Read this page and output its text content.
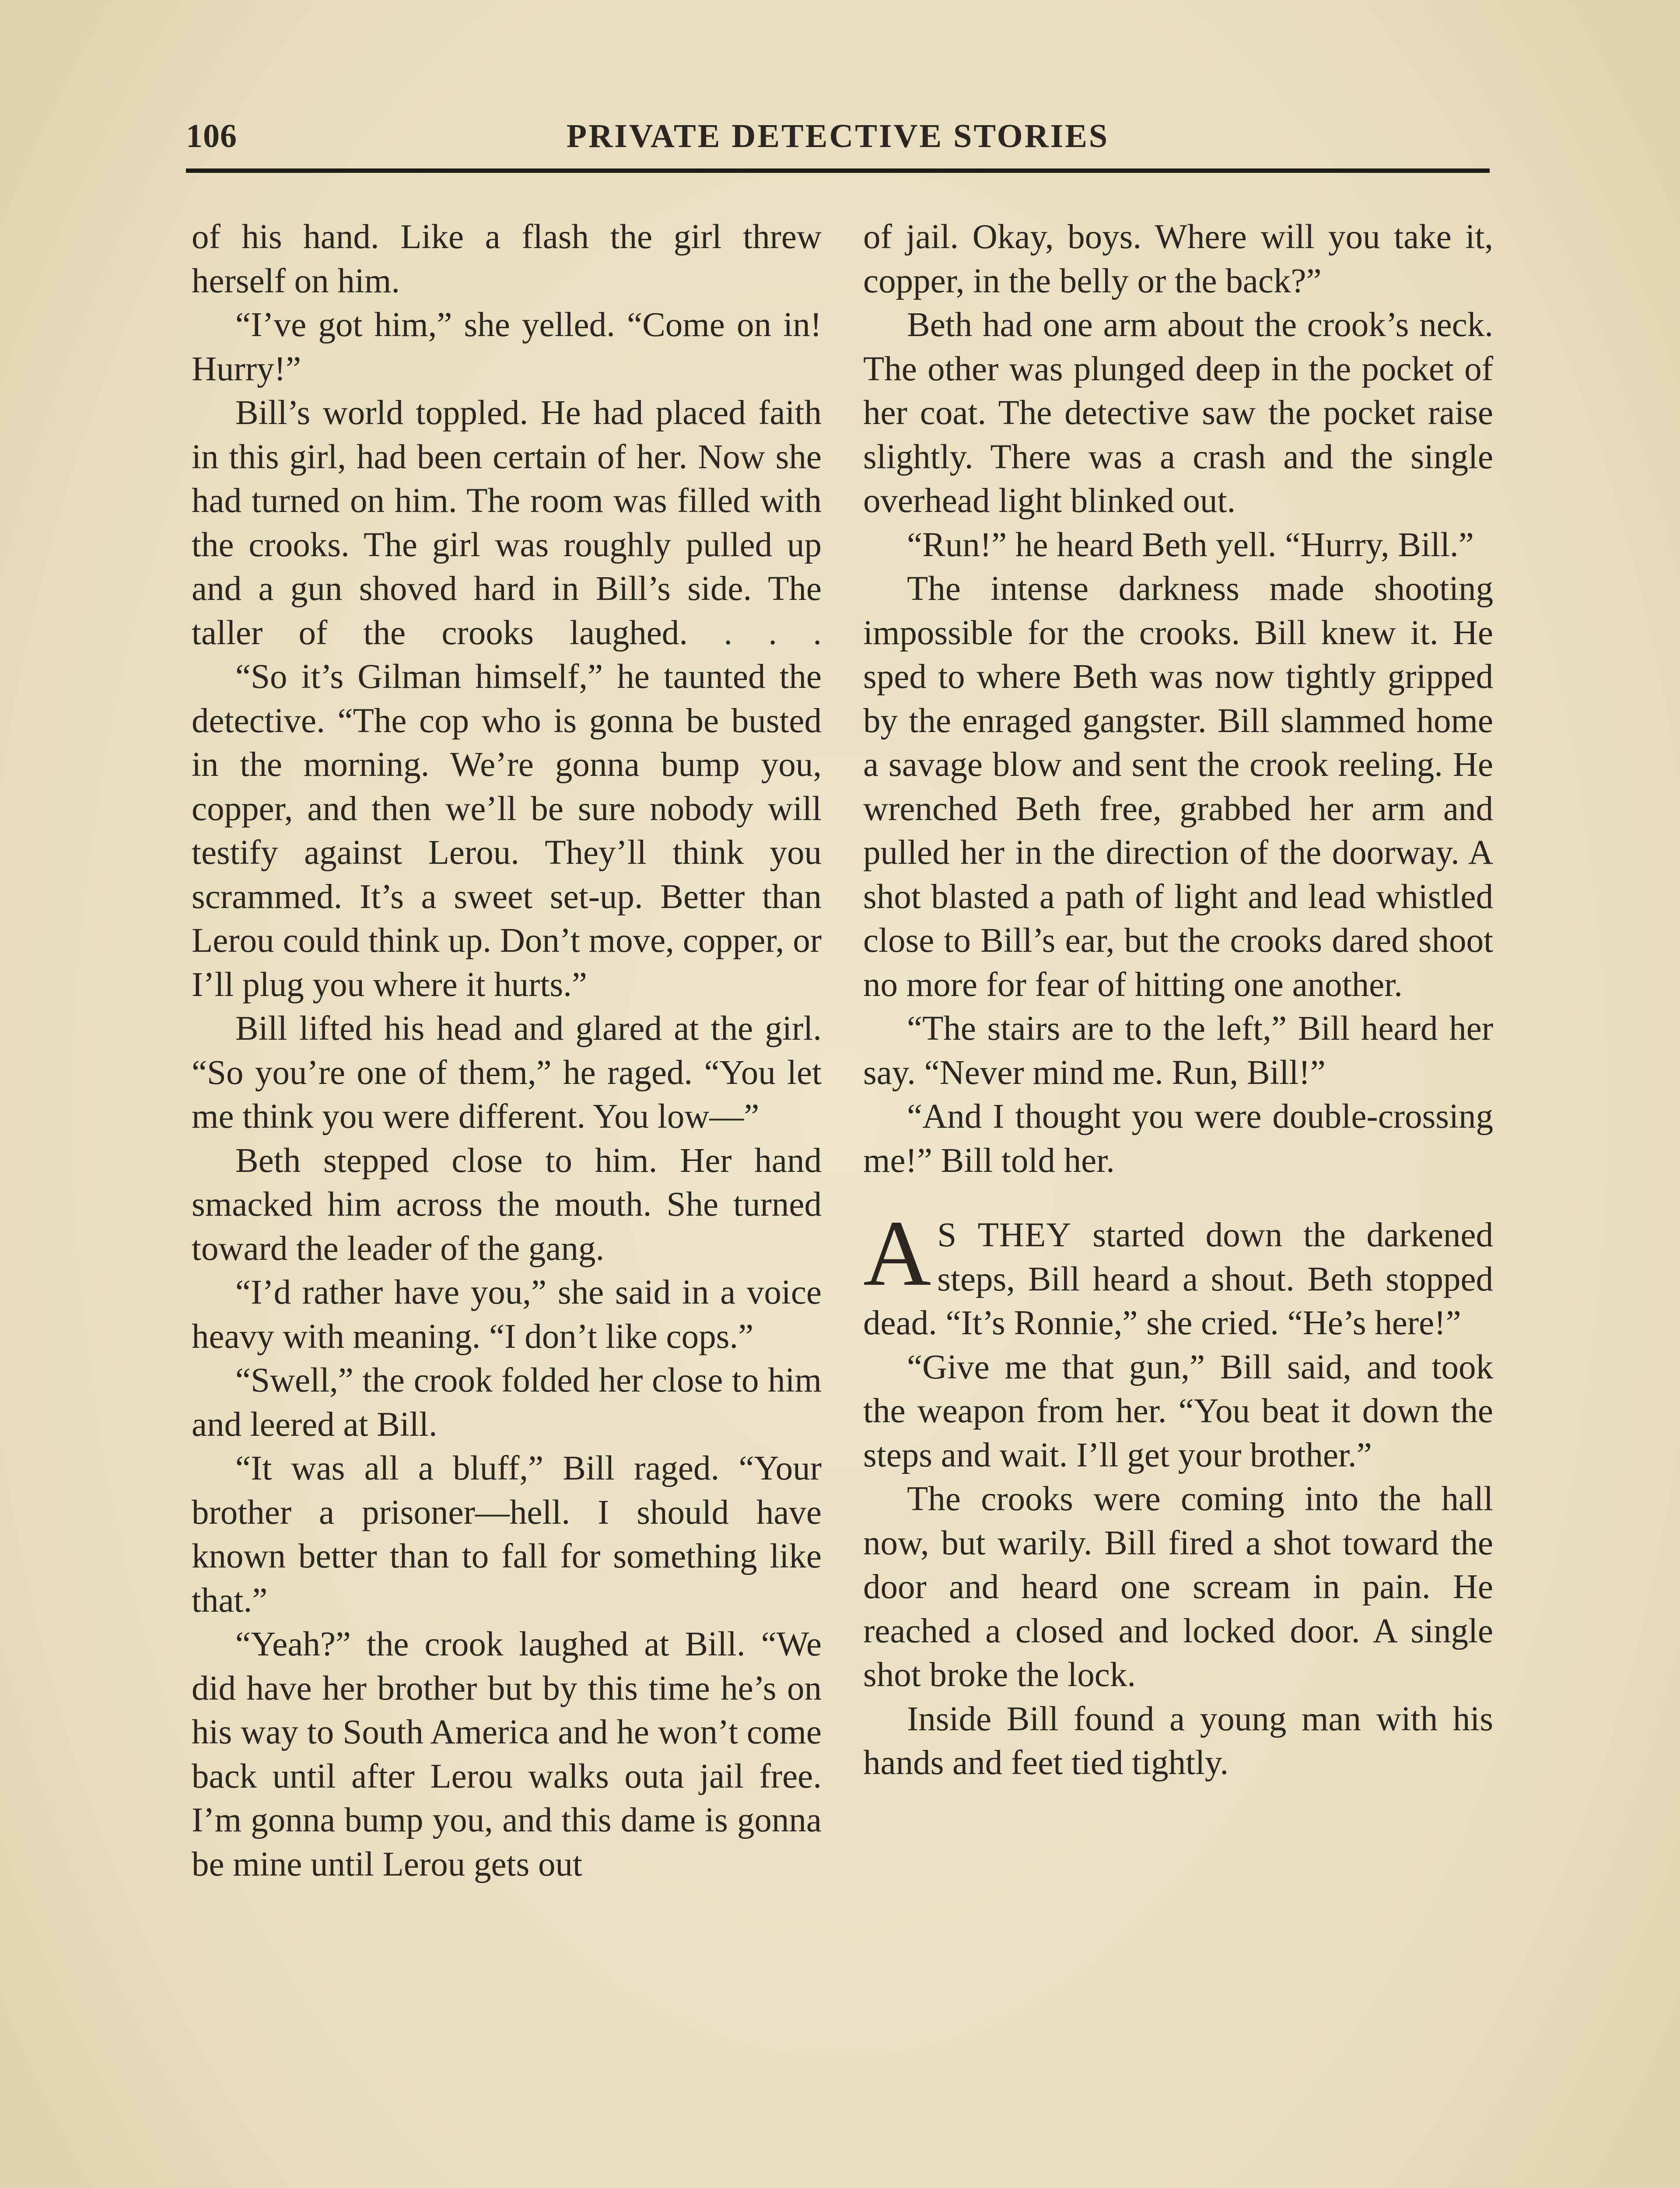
106	PRIVATE DETECTIVE STORIES

of his hand. Like a flash the girl threw herself on him.

“I’ve got him,” she yelled. “Come on in! Hurry!”

Bill’s world toppled. He had placed faith in this girl, had been certain of her. Now she had turned on him. The room was filled with the crooks. The girl was roughly pulled up and a gun shoved hard in Bill’s side. The taller of the crooks laughed. . . .

“So it’s Gilman himself,” he taunted the detective. “The cop who is gonna be busted in the morning. We’re gonna bump you, copper, and then we’ll be sure nobody will testify against Lerou. They’ll think you scrammed. It’s a sweet set-up. Better than Lerou could think up. Don’t move, copper, or I’ll plug you where it hurts.”

Bill lifted his head and glared at the girl. “So you’re one of them,” he raged. “You let me think you were different. You low—”

Beth stepped close to him. Her hand smacked him across the mouth. She turned toward the leader of the gang.

“I’d rather have you,” she said in a voice heavy with meaning. “I don’t like cops.”

“Swell,” the crook folded her close to him and leered at Bill.

“It was all a bluff,” Bill raged. “Your brother a prisoner—hell. I should have known better than to fall for something like that.”

“Yeah?” the crook laughed at Bill. “We did have her brother but by this time he’s on his way to South America and he won’t come back until after Lerou walks outa jail free. I’m gonna bump you, and this dame is gonna be mine until Lerou gets out

of jail. Okay, boys. Where will you take it, copper, in the belly or the back?”

Beth had one arm about the crook’s neck. The other was plunged deep in the pocket of her coat. The detective saw the pocket raise slightly. There was a crash and the single overhead light blinked out.

“Run!” he heard Beth yell. “Hurry, Bill.”

The intense darkness made shooting impossible for the crooks. Bill knew it. He sped to where Beth was now tightly gripped by the enraged gangster. Bill slammed home a savage blow and sent the crook reeling. He wrenched Beth free, grabbed her arm and pulled her in the direction of the doorway. A shot blasted a path of light and lead whistled close to Bill’s ear, but the crooks dared shoot no more for fear of hitting one another.

“The stairs are to the left,” Bill heard her say. “Never mind me. Run, Bill!”

“And I thought you were double-crossing me!” Bill told her.

A S THEY started down the darkened steps, Bill heard a shout. Beth stopped dead. “It’s Ronnie,” she cried. “He’s here!”

“Give me that gun,” Bill said, and took the weapon from her. “You beat it down the steps and wait. I’ll get your brother.”

The crooks were coming into the hall now, but warily. Bill fired a shot toward the door and heard one scream in pain. He reached a closed and locked door. A single shot broke the lock.

Inside Bill found a young man with his hands and feet tied tightly.
